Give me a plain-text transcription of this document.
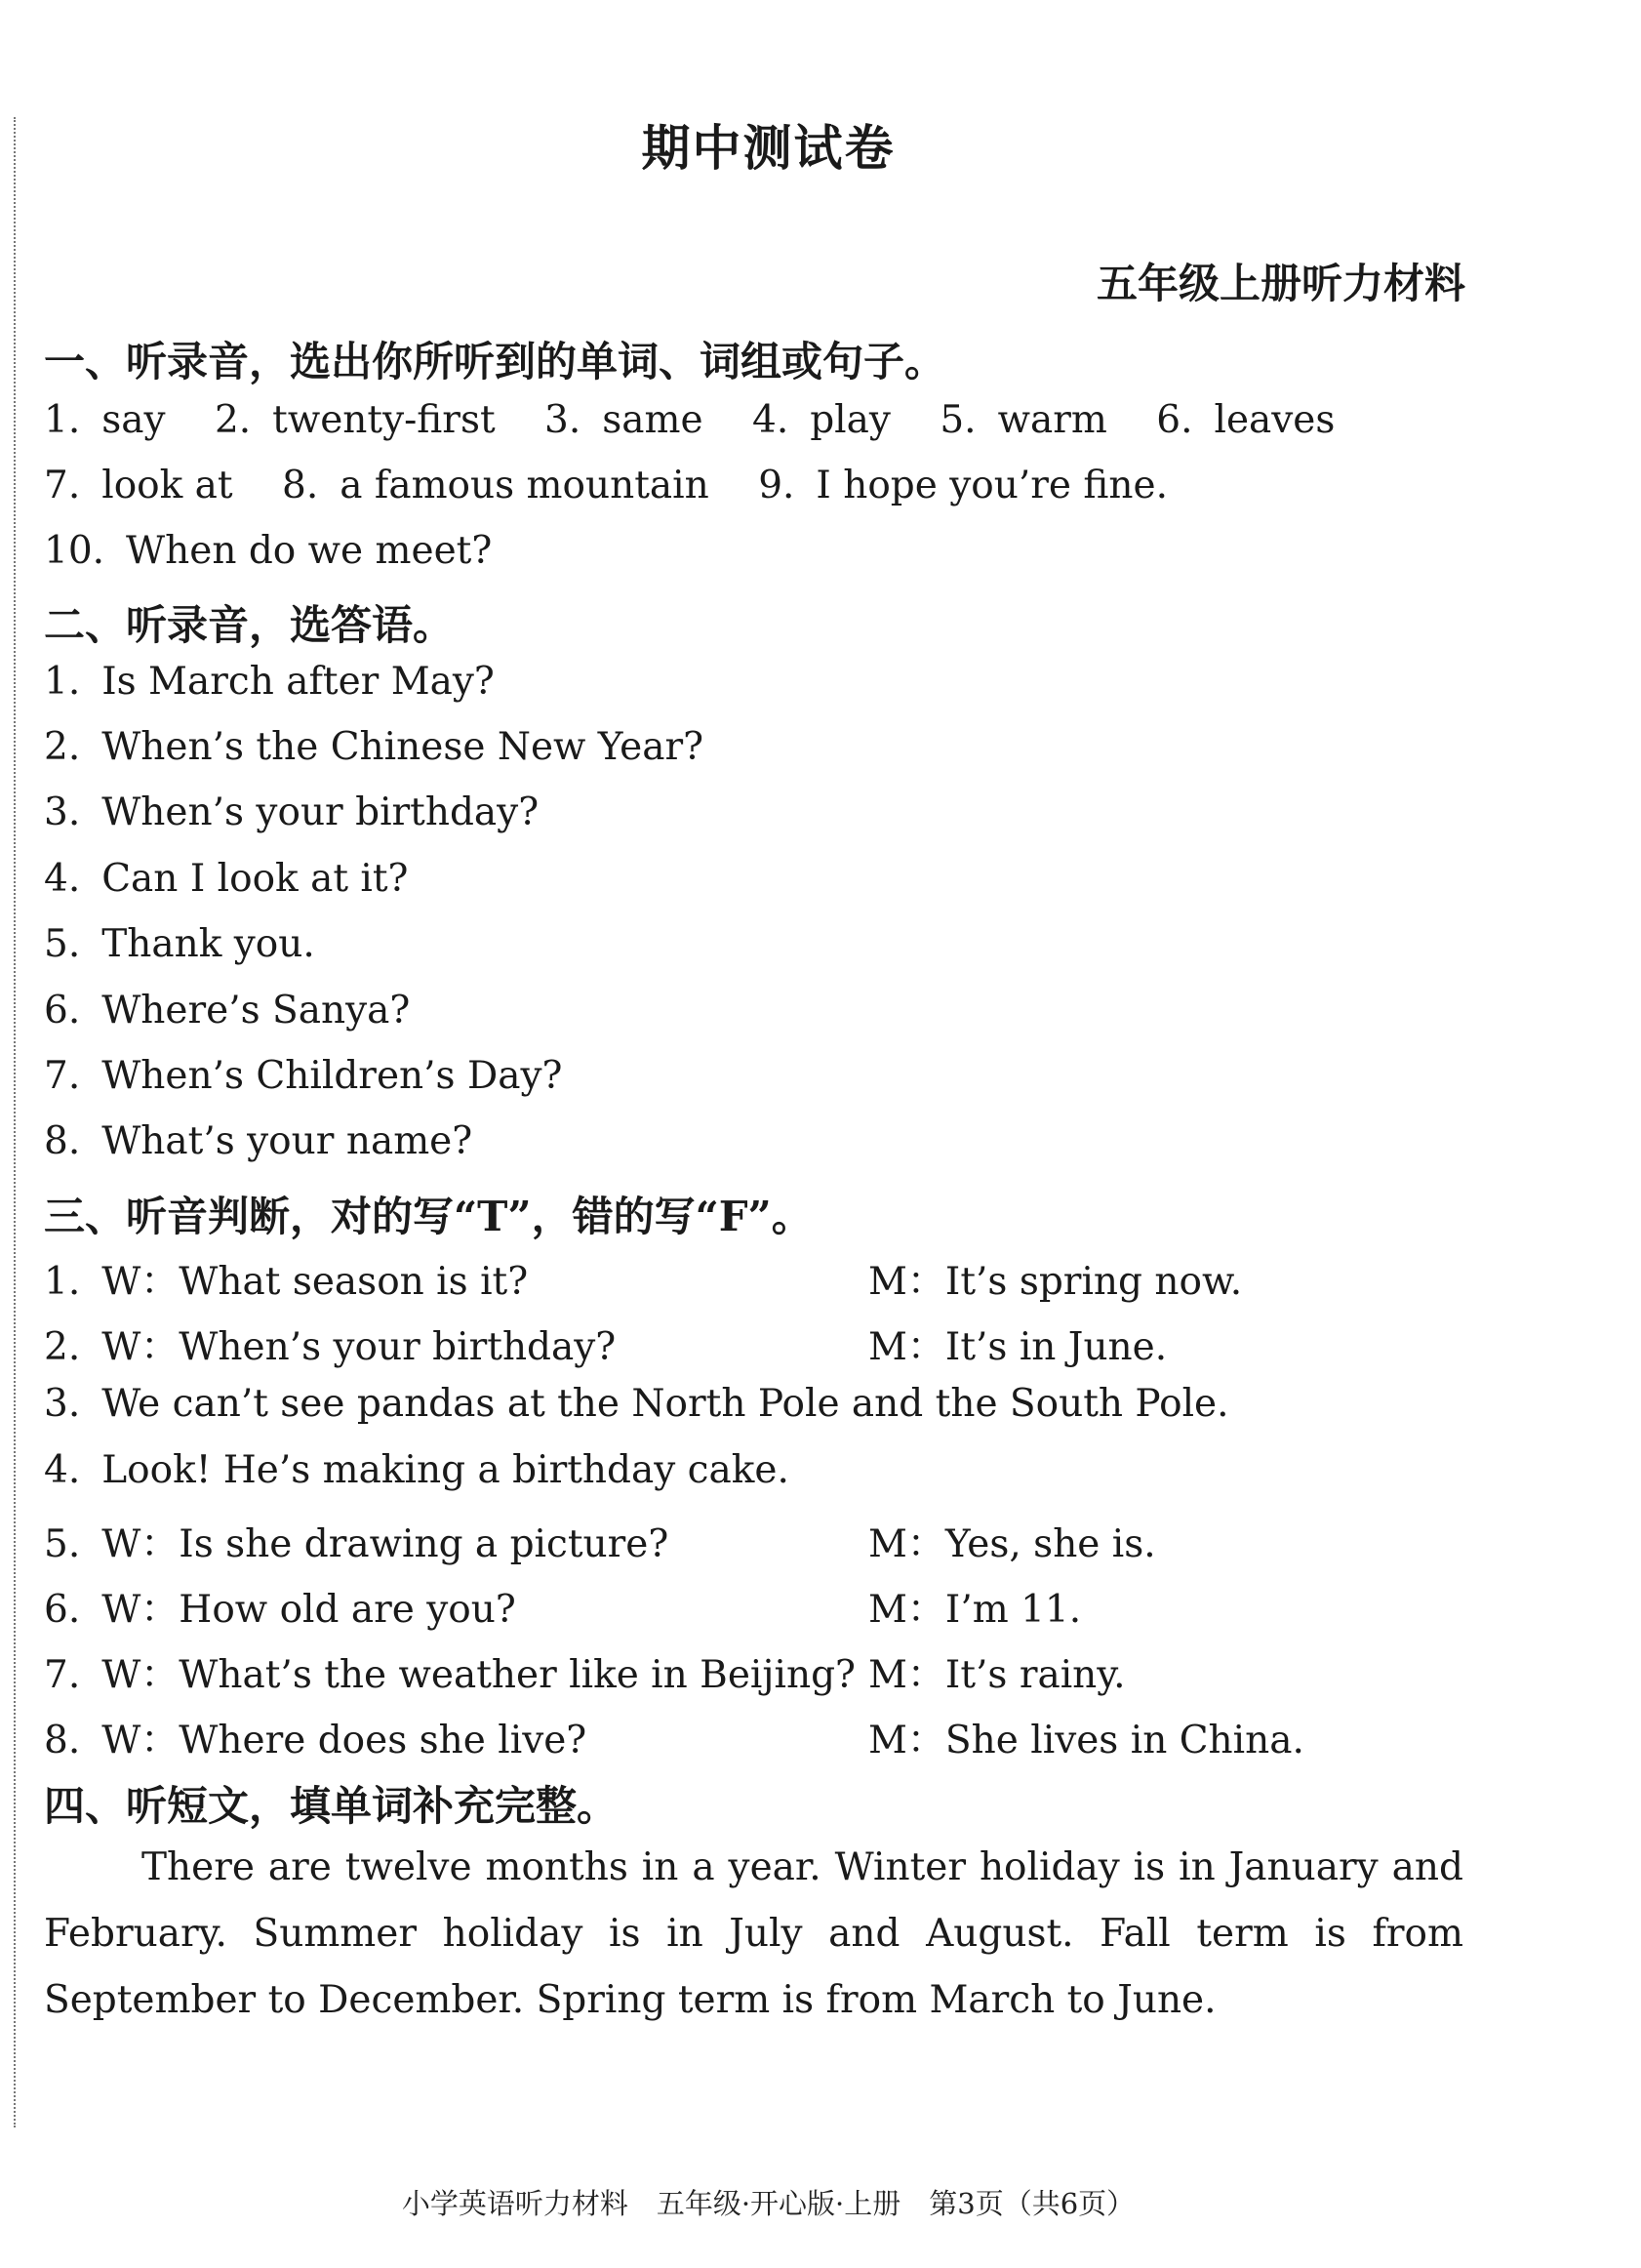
期中测试卷
五年级上册听力材料
一、听录音，选出你所听到的单词、词组或句子。
1. say 2. twenty-first 3. same 4. play 5. warm 6. leaves
7. look at 8. a famous mountain 9. I hope you’re fine.
10. When do we meet?
二、听录音，选答语。
1. Is March after May?
2. When’s the Chinese New Year?
3. When’s your birthday?
4. Can I look at it?
5. Thank you.
6. Where’s Sanya?
7. When’s Children’s Day?
8. What’s your name?
三、听音判断，对的写“T”，错的写“F”。
1. W：What season is it?	M：It’s spring now.
2. W：When’s your birthday?	M：It’s in June.
3. We can’t see pandas at the North Pole and the South Pole.
4. Look! He’s making a birthday cake.
5. W：Is she drawing a picture?	M：Yes, she is.
6. W：How old are you?	M：I’m 11.
7. W：What’s the weather like in Beijing? M：It’s rainy.
8. W：Where does she live?	M：She lives in China.
四、听短文，填单词补充完整。
There are twelve months in a year. Winter holiday is in January and February. Summer holiday is in July and August. Fall term is from September to December. Spring term is from March to June.
小学英语听力材料　五年级·开心版·上册　第3页（共6页）
